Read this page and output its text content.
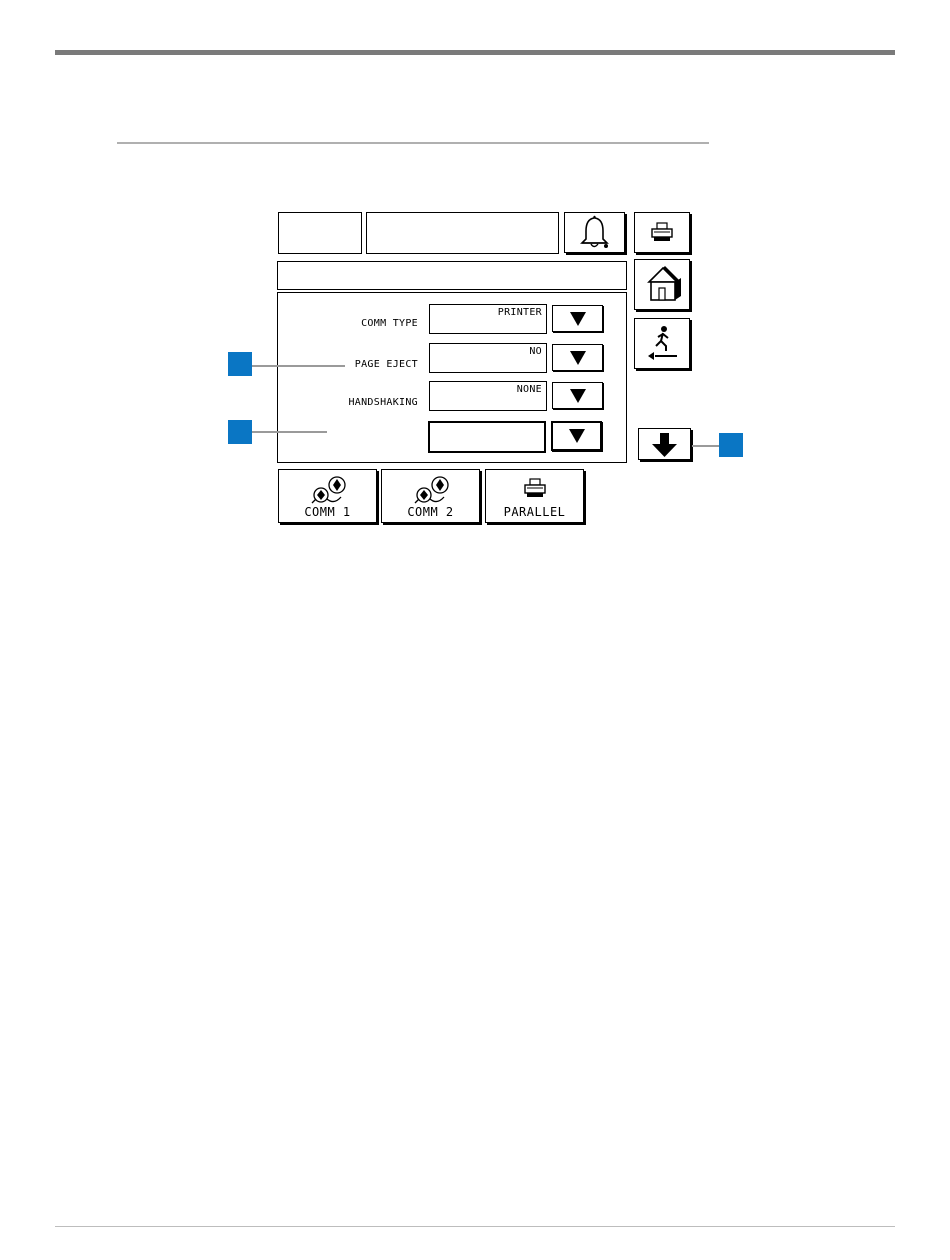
COMM TYPE
PRINTER
PAGE EJECT
NO
HANDSHAKING
NONE
COMM 1	COMM 2	PARALLEL
